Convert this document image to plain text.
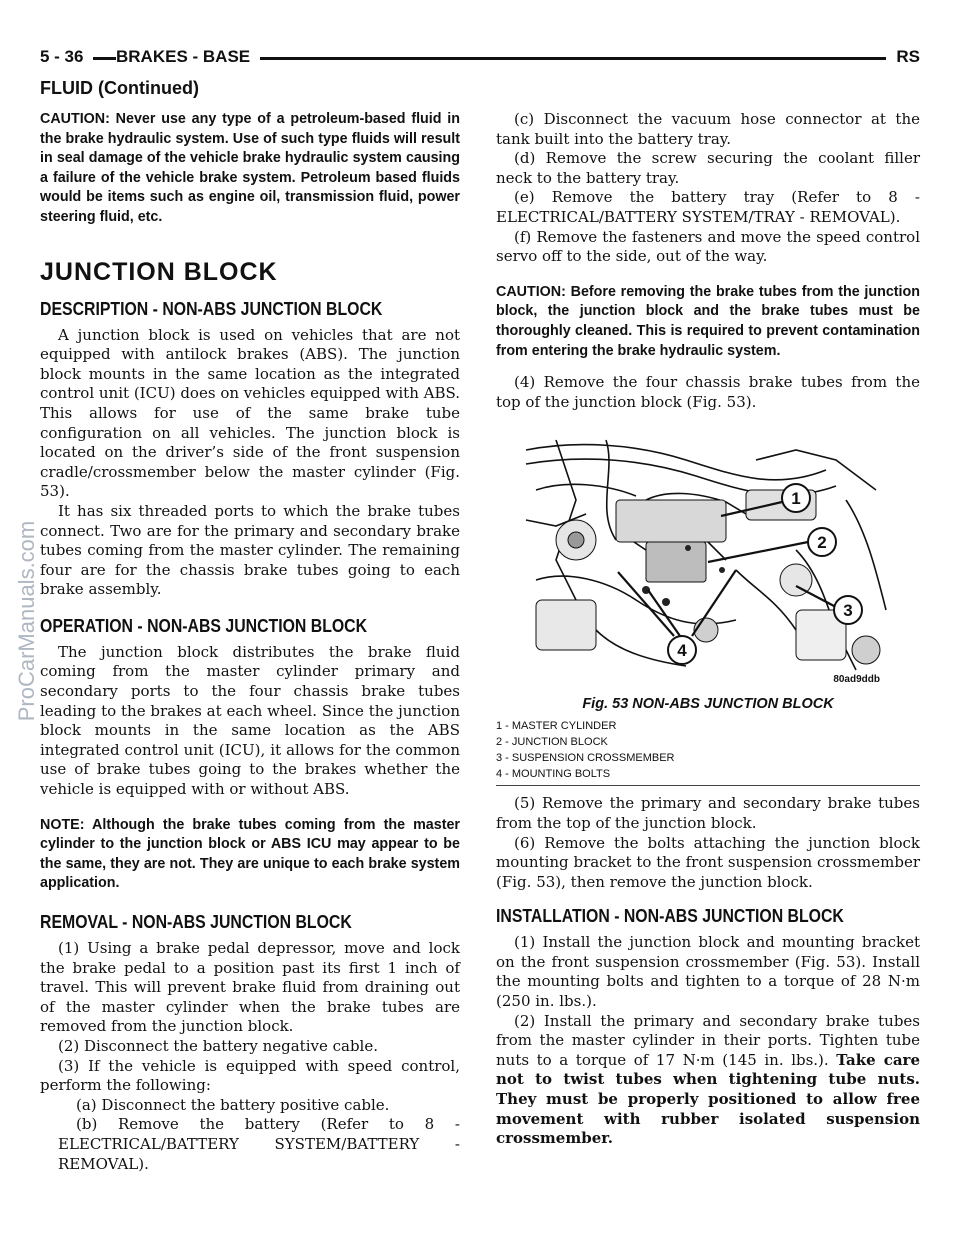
ProCarManuals.com
5 - 36	BRAKES - BASE	RS
FLUID (Continued)

CAUTION: Never use any type of a petroleum-based fluid in the brake hydraulic system. Use of such type fluids will result in seal damage of the vehicle brake hydraulic system causing a failure of the vehicle brake system. Petroleum based fluids would be items such as engine oil, transmission fluid, power steering fluid, etc.

JUNCTION BLOCK
DESCRIPTION - NON-ABS JUNCTION BLOCK

A junction block is used on vehicles that are not equipped with antilock brakes (ABS). The junction block mounts in the same location as the integrated control unit (ICU) does on vehicles equipped with ABS. This allows for use of the same brake tube configuration on all vehicles. The junction block is located on the driver’s side of the front suspension cradle/crossmember below the master cylinder (Fig. 53).

It has six threaded ports to which the brake tubes connect. Two are for the primary and secondary brake tubes coming from the master cylinder. The remaining four are for the chassis brake tubes going to each brake assembly.

OPERATION - NON-ABS JUNCTION BLOCK

The junction block distributes the brake fluid coming from the master cylinder primary and secondary ports to the four chassis brake tubes leading to the brakes at each wheel. Since the junction block mounts in the same location as the ABS integrated control unit (ICU), it allows for the common use of brake tubes going to the brakes whether the vehicle is equipped with or without ABS.

NOTE: Although the brake tubes coming from the master cylinder to the junction block or ABS ICU may appear to be the same, they are not. They are unique to each brake system application.

REMOVAL - NON-ABS JUNCTION BLOCK

(1) Using a brake pedal depressor, move and lock the brake pedal to a position past its first 1 inch of travel. This will prevent brake fluid from draining out of the master cylinder when the brake tubes are removed from the junction block.

(2) Disconnect the battery negative cable.

(3) If the vehicle is equipped with speed control, perform the following:

(a) Disconnect the battery positive cable.

(b) Remove the battery (Refer to 8 - ELECTRICAL/BATTERY SYSTEM/BATTERY - REMOVAL).

(c) Disconnect the vacuum hose connector at the tank built into the battery tray.

(d) Remove the screw securing the coolant filler neck to the battery tray.

(e) Remove the battery tray (Refer to 8 - ELECTRICAL/BATTERY SYSTEM/TRAY - REMOVAL).

(f) Remove the fasteners and move the speed control servo off to the side, out of the way.

CAUTION: Before removing the brake tubes from the junction block, the junction block and the brake tubes must be thoroughly cleaned. This is required to prevent contamination from entering the brake hydraulic system.

(4) Remove the four chassis brake tubes from the top of the junction block (Fig. 53).

1
2
3
4
80ad9ddb
Fig. 53 NON-ABS JUNCTION BLOCK
1 - MASTER CYLINDER
2 - JUNCTION BLOCK
3 - SUSPENSION CROSSMEMBER
4 - MOUNTING BOLTS

(5) Remove the primary and secondary brake tubes from the top of the junction block.

(6) Remove the bolts attaching the junction block mounting bracket to the front suspension crossmember (Fig. 53), then remove the junction block.

INSTALLATION - NON-ABS JUNCTION BLOCK

(1) Install the junction block and mounting bracket on the front suspension crossmember (Fig. 53). Install the mounting bolts and tighten to a torque of 28 N·m (250 in. lbs.).

(2) Install the primary and secondary brake tubes from the master cylinder in their ports. Tighten tube nuts to a torque of 17 N·m (145 in. lbs.). Take care not to twist tubes when tightening tube nuts. They must be properly positioned to allow free movement with rubber isolated suspension crossmember.
